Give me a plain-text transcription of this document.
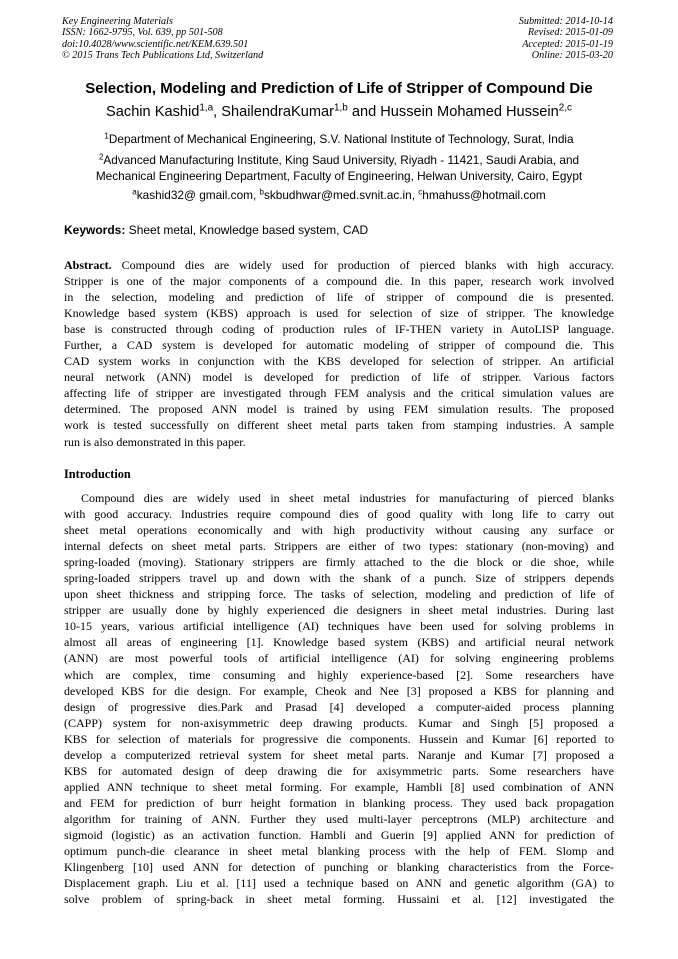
Key Engineering Materials
ISSN: 1662-9795, Vol. 639, pp 501-508
doi:10.4028/www.scientific.net/KEM.639.501
© 2015 Trans Tech Publications Ltd, Switzerland
Submitted: 2014-10-14
Revised: 2015-01-09
Accepted: 2015-01-19
Online: 2015-03-20
Selection, Modeling and Prediction of Life of Stripper of Compound Die
Sachin Kashid$^{1,a}$, ShailendraKumar$^{1,b}$ and Hussein Mohamed Hussein$^{2,c}$
$^1$Department of Mechanical Engineering, S.V. National Institute of Technology, Surat, India
$^2$Advanced Manufacturing Institute, King Saud University, Riyadh - 11421, Saudi Arabia, and
Mechanical Engineering Department, Faculty of Engineering, Helwan University, Cairo, Egypt
$^a$kashid32@ gmail.com, $^b$skbudhwar@med.svnit.ac.in, $^c$hmahuss@hotmail.com
Keywords: Sheet metal, Knowledge based system, CAD
Abstract. Compound dies are widely used for production of pierced blanks with high accuracy.
Stripper is one of the major components of a compound die. In this paper, research work involved
in the selection, modeling and prediction of life of stripper of compound die is presented.
Knowledge based system (KBS) approach is used for selection of size of stripper. The knowledge
base is constructed through coding of production rules of IF-THEN variety in AutoLISP language.
Further, a CAD system is developed for automatic modeling of stripper of compound die. This
CAD system works in conjunction with the KBS developed for selection of stripper. An artificial
neural network (ANN) model is developed for prediction of life of stripper. Various factors
affecting life of stripper are investigated through FEM analysis and the critical simulation values are
determined. The proposed ANN model is trained by using FEM simulation results. The proposed
work is tested successfully on different sheet metal parts taken from stamping industries. A sample
run is also demonstrated in this paper.
Introduction
Compound dies are widely used in sheet metal industries for manufacturing of pierced blanks
with good accuracy. Industries require compound dies of good quality with long life to carry out
sheet metal operations economically and with high productivity without causing any surface or
internal defects on sheet metal parts. Strippers are either of two types: stationary (non-moving) and
spring-loaded (moving). Stationary strippers are firmly attached to the die block or die shoe, while
spring-loaded strippers travel up and down with the shank of a punch. Size of strippers depends
upon sheet thickness and stripping force. The tasks of selection, modeling and prediction of life of
stripper are usually done by highly experienced die designers in sheet metal industries. During last
10-15 years, various artificial intelligence (AI) techniques have been used for solving problems in
almost all areas of engineering [1]. Knowledge based system (KBS) and artificial neural network
(ANN) are most powerful tools of artificial intelligence (AI) for solving engineering problems
which are complex, time consuming and highly experience-based [2]. Some researchers have
developed KBS for die design. For example, Cheok and Nee [3] proposed a KBS for planning and
design of progressive dies.Park and Prasad [4] developed a computer-aided process planning
(CAPP) system for non-axisymmetric deep drawing products. Kumar and Singh [5] proposed a
KBS for selection of materials for progressive die components. Hussein and Kumar [6] reported to
develop a computerized retrieval system for sheet metal parts. Naranje and Kumar [7] proposed a
KBS for automated design of deep drawing die for axisymmetric parts. Some researchers have
applied ANN technique to sheet metal forming. For example, Hambli [8] used combination of ANN
and FEM for prediction of burr height formation in blanking process. They used back propagation
algorithm for training of ANN. Further they used multi-layer perceptrons (MLP) architecture and
sigmoid (logistic) as an activation function. Hambli and Guerin [9] applied ANN for prediction of
optimum punch-die clearance in sheet metal blanking process with the help of FEM. Slomp and
Klingenberg [10] used ANN for detection of punching or blanking characteristics from the Force-
Displacement graph. Liu et al. [11] used a technique based on ANN and genetic algorithm (GA) to
solve problem of spring-back in sheet metal forming. Hussaini et al. [12] investigated the
